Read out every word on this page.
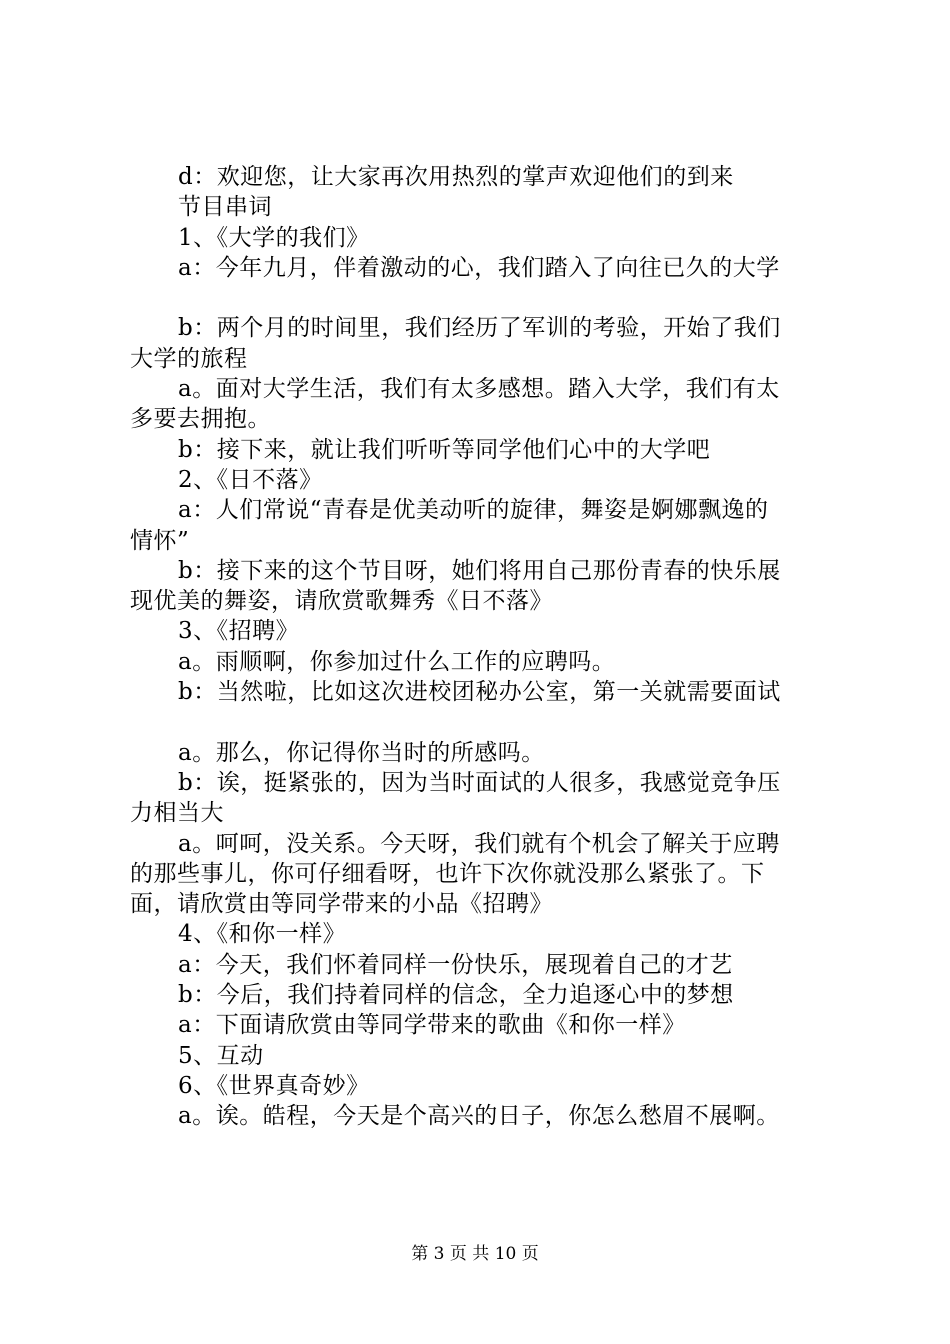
d：欢迎您，让大家再次用热烈的掌声欢迎他们的到来
节目串词
1、《大学的我们》
a：今年九月，伴着激动的心，我们踏入了向往已久的大学
b：两个月的时间里，我们经历了军训的考验，开始了我们
大学的旅程
a。面对大学生活，我们有太多感想。踏入大学，我们有太
多要去拥抱。
b：接下来，就让我们听听等同学他们心中的大学吧
2、《日不落》
a：人们常说“青春是优美动听的旋律，舞姿是婀娜飘逸的
情怀”
b：接下来的这个节目呀，她们将用自己那份青春的快乐展
现优美的舞姿，请欣赏歌舞秀《日不落》
3、《招聘》
a。雨顺啊，你参加过什么工作的应聘吗。
b：当然啦，比如这次进校团秘办公室，第一关就需要面试
a。那么，你记得你当时的所感吗。
b：诶，挺紧张的，因为当时面试的人很多，我感觉竞争压
力相当大
a。呵呵，没关系。今天呀，我们就有个机会了解关于应聘
的那些事儿，你可仔细看呀，也许下次你就没那么紧张了。下
面，请欣赏由等同学带来的小品《招聘》
4、《和你一样》
a：今天，我们怀着同样一份快乐，展现着自己的才艺
b：今后，我们持着同样的信念，全力追逐心中的梦想
a：下面请欣赏由等同学带来的歌曲《和你一样》
5、互动
6、《世界真奇妙》
a。诶。皓程，今天是个高兴的日子，你怎么愁眉不展啊。
第 3 页 共 10 页
